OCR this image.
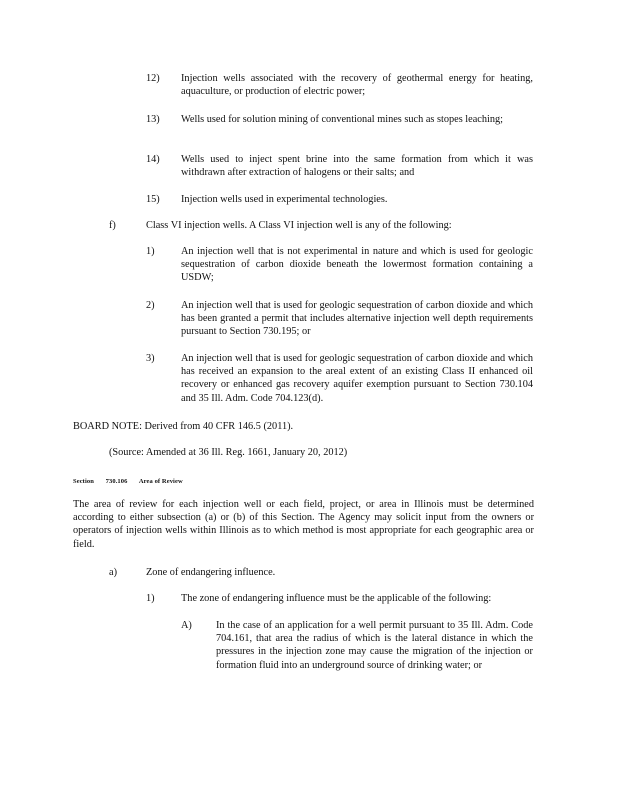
12) Injection wells associated with the recovery of geothermal energy for heating, aquaculture, or production of electric power;
13) Wells used for solution mining of conventional mines such as stopes leaching;
14) Wells used to inject spent brine into the same formation from which it was withdrawn after extraction of halogens or their salts; and
15) Injection wells used in experimental technologies.
f)	Class VI injection wells. A Class VI injection well is any of the following:
1)	An injection well that is not experimental in nature and which is used for geologic sequestration of carbon dioxide beneath the lowermost formation containing a USDW;
2)	An injection well that is used for geologic sequestration of carbon dioxide and which has been granted a permit that includes alternative injection well depth requirements pursuant to Section 730.195; or
3)	An injection well that is used for geologic sequestration of carbon dioxide and which has received an expansion to the areal extent of an existing Class II enhanced oil recovery or enhanced gas recovery aquifer exemption pursuant to Section 730.104 and 35 Ill. Adm. Code 704.123(d).
BOARD NOTE: Derived from 40 CFR 146.5 (2011).
(Source: Amended at 36 Ill. Reg. 1661, January 20, 2012)
Section 730.106 Area of Review
The area of review for each injection well or each field, project, or area in Illinois must be determined according to either subsection (a) or (b) of this Section. The Agency may solicit input from the owners or operators of injection wells within Illinois as to which method is most appropriate for each geographic area or field.
a)	Zone of endangering influence.
1)	The zone of endangering influence must be the applicable of the following:
A) In the case of an application for a well permit pursuant to 35 Ill. Adm. Code 704.161, that area the radius of which is the lateral distance in which the pressures in the injection zone may cause the migration of the injection or formation fluid into an underground source of drinking water; or
